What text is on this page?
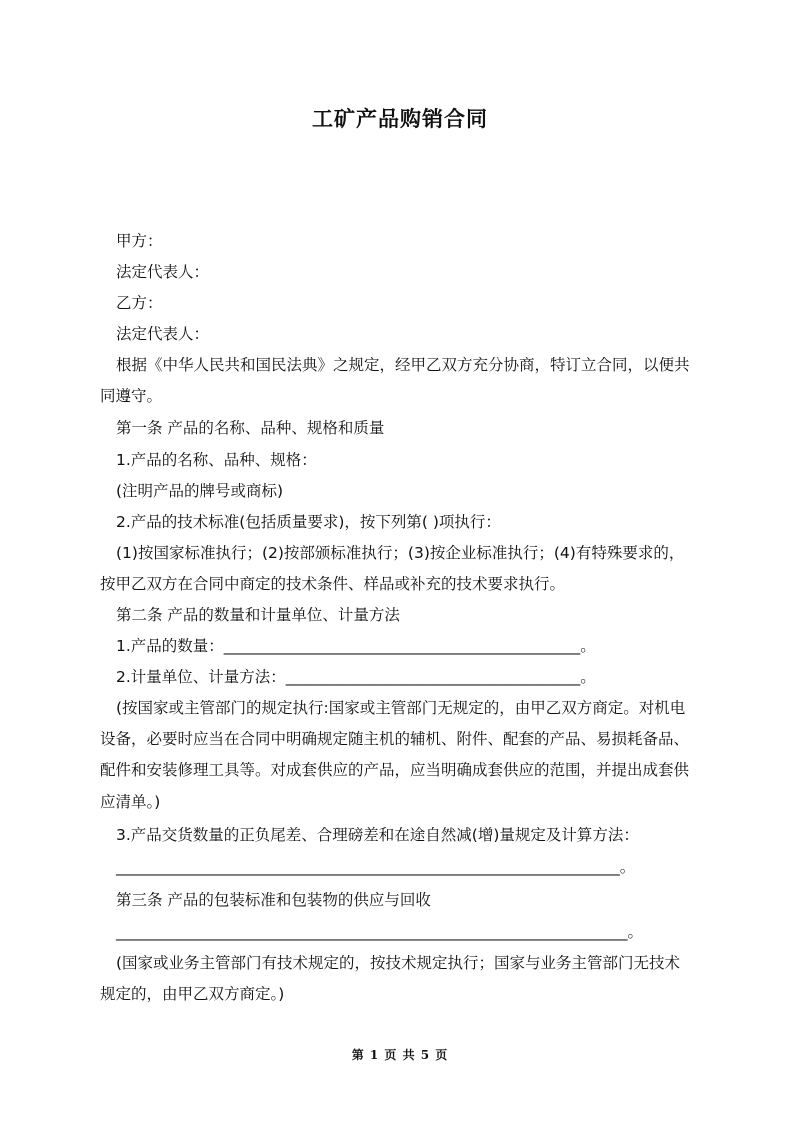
工矿产品购销合同
甲方：
法定代表人：
乙方：
法定代表人：
根据《中华人民共和国民法典》之规定，经甲乙双方充分协商，特订立合同，以便共
同遵守。
第一条 产品的名称、品种、规格和质量
1.产品的名称、品种、规格：
(注明产品的牌号或商标)
2.产品的技术标准(包括质量要求)，按下列第( )项执行：
(1)按国家标准执行；(2)按部颁标准执行；(3)按企业标准执行；(4)有特殊要求的，
按甲乙双方在合同中商定的技术条件、样品或补充的技术要求执行。
第二条 产品的数量和计量单位、计量方法
1.产品的数量：______________________________________________。
2.计量单位、计量方法：______________________________________。
(按国家或主管部门的规定执行:国家或主管部门无规定的，由甲乙双方商定。对机电
设备，必要时应当在合同中明确规定随主机的辅机、附件、配套的产品、易损耗备品、
配件和安装修理工具等。对成套供应的产品，应当明确成套供应的范围，并提出成套供
应清单。)
3.产品交货数量的正负尾差、合理磅差和在途自然减(增)量规定及计算方法：
_________________________________________________________________。
第三条 产品的包装标准和包装物的供应与回收
__________________________________________________________________。
(国家或业务主管部门有技术规定的，按技术规定执行；国家与业务主管部门无技术
规定的，由甲乙双方商定。)
第 1 页 共 5 页
